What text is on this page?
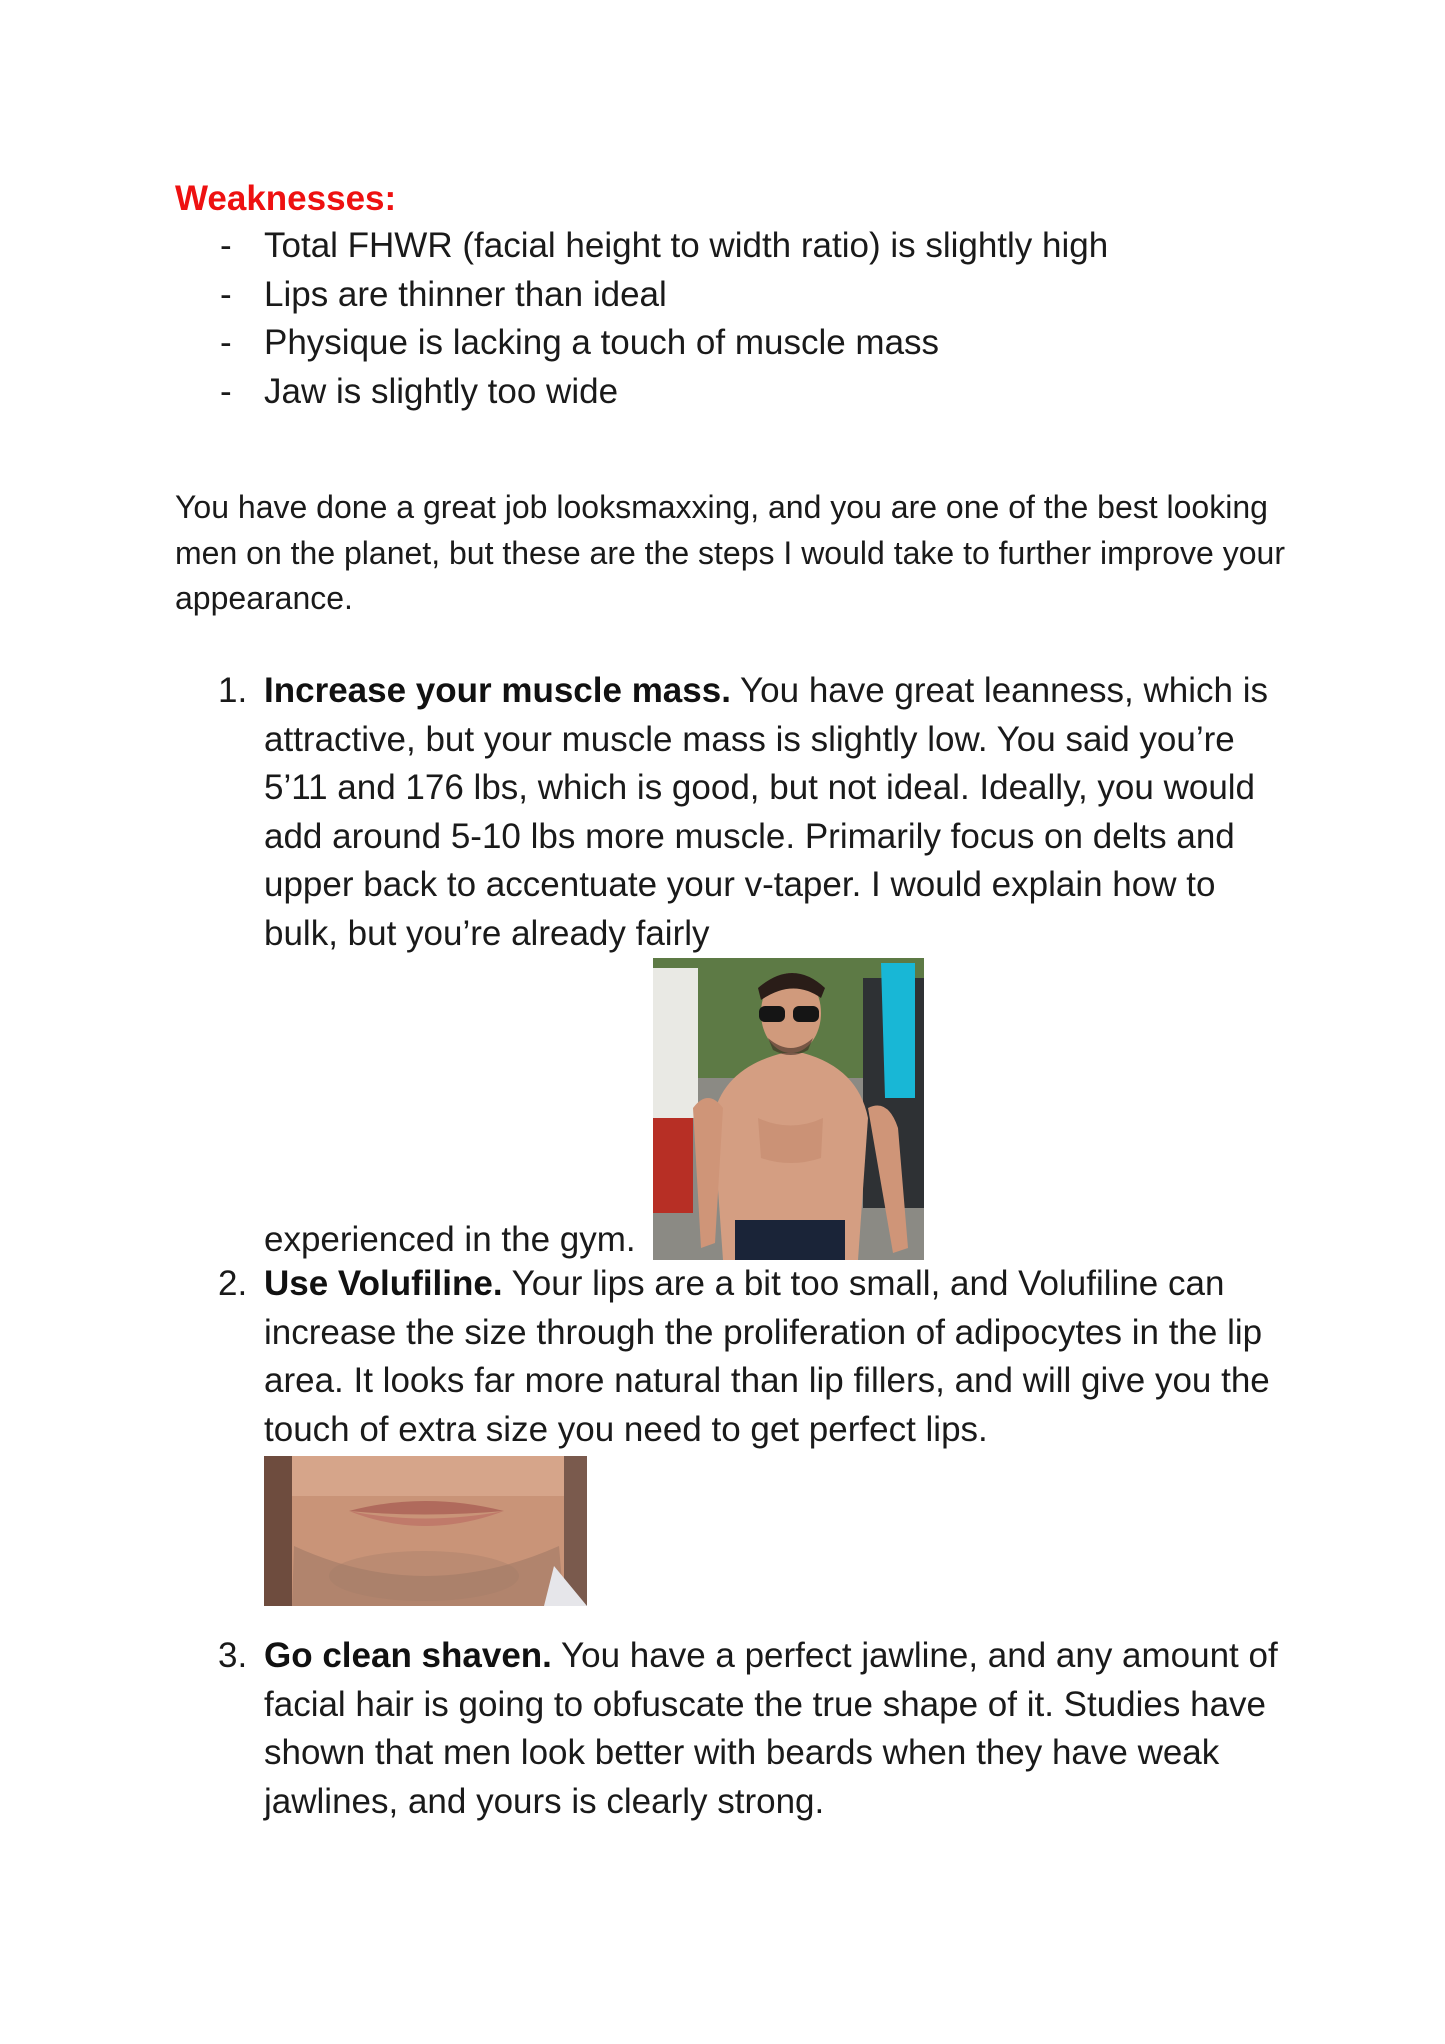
Weaknesses:
- Total FHWR (facial height to width ratio) is slightly high
- Lips are thinner than ideal
- Physique is lacking a touch of muscle mass
- Jaw is slightly too wide

You have done a great job looksmaxxing, and you are one of the best looking men on the planet, but these are the steps I would take to further improve your appearance.

1. Increase your muscle mass. You have great leanness, which is attractive, but your muscle mass is slightly low. You said you’re 5’11 and 176 lbs, which is good, but not ideal. Ideally, you would add around 5-10 lbs more muscle. Primarily focus on delts and upper back to accentuate your v-taper. I would explain how to bulk, but you’re already fairly
experienced in the gym.
2. Use Volufiline. Your lips are a bit too small, and Volufiline can increase the size through the proliferation of adipocytes in the lip area. It looks far more natural than lip fillers, and will give you the touch of extra size you need to get perfect lips.
3. Go clean shaven. You have a perfect jawline, and any amount of facial hair is going to obfuscate the true shape of it. Studies have shown that men look better with beards when they have weak jawlines, and yours is clearly strong.
